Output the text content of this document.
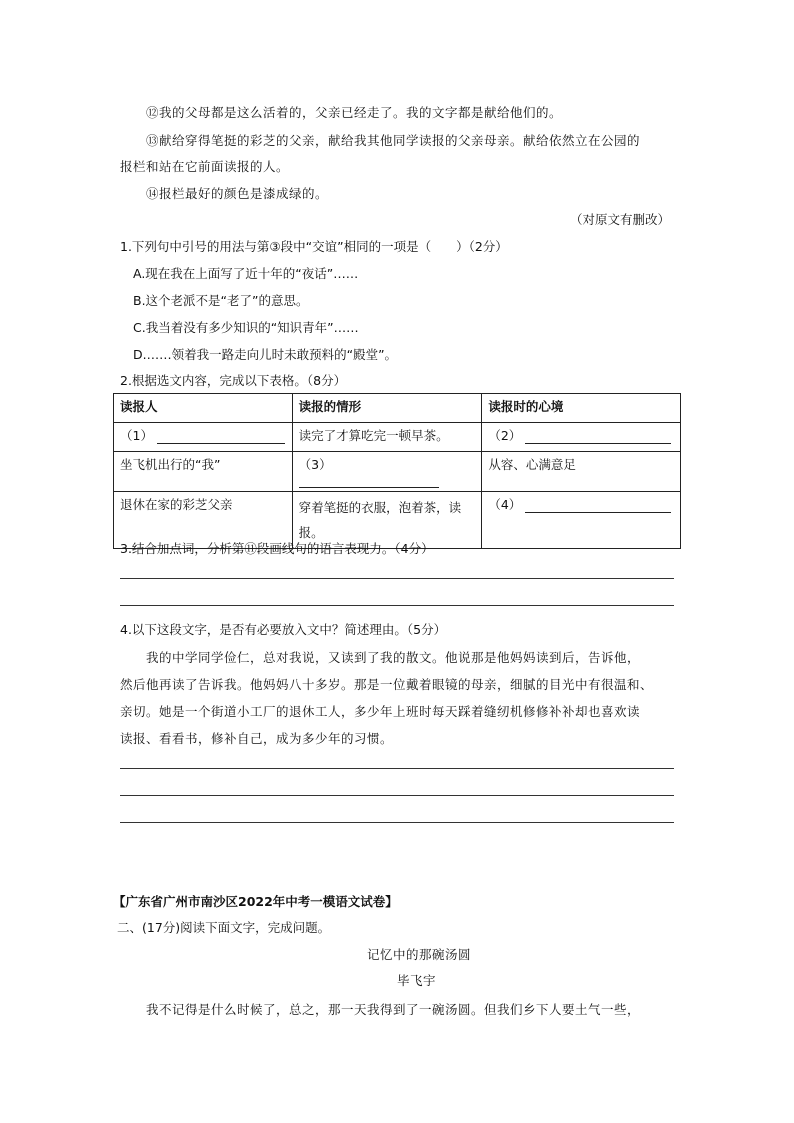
⑫我的父母都是这么活着的，父亲已经走了。我的文字都是献给他们的。
⑬献给穿得笔挺的彩芝的父亲，献给我其他同学读报的父亲母亲。献给依然立在公园的
报栏和站在它前面读报的人。
⑭报栏最好的颜色是漆成绿的。
（对原文有删改）
1.下列句中引号的用法与第③段中“交谊”相同的一项是（　　）（2分）
A.现在我在上面写了近十年的“夜话”……
B.这个老派不是“老了”的意思。
C.我当着没有多少知识的“知识青年”……
D.……领着我一路走向儿时未敢预料的“殿堂”。
2.根据选文内容，完成以下表格。（8分）
读报人	读报的情形	读报时的心境
（1）	读完了才算吃完一顿早茶。	（2）
坐飞机出行的“我”	（3）	从容、心满意足
退休在家的彩芝父亲	穿着笔挺的衣服，泡着茶，读报。	（4）
3.结合加点词，分析第⑪段画线句的语言表现力。（4分）
4.以下这段文字，是否有必要放入文中？简述理由。（5分）
我的中学同学俭仁，总对我说，又读到了我的散文。他说那是他妈妈读到后，告诉他，
然后他再读了告诉我。他妈妈八十多岁。那是一位戴着眼镜的母亲，细腻的目光中有很温和、
亲切。她是一个街道小工厂的退休工人，多少年上班时每天踩着缝纫机修修补补却也喜欢读
读报、看看书，修补自己，成为多少年的习惯。
【广东省广州市南沙区2022年中考一模语文试卷】
二、(17分)阅读下面文字，完成问题。
记忆中的那碗汤圆
毕飞宇
我不记得是什么时候了，总之，那一天我得到了一碗汤圆。但我们乡下人要土气一些，
